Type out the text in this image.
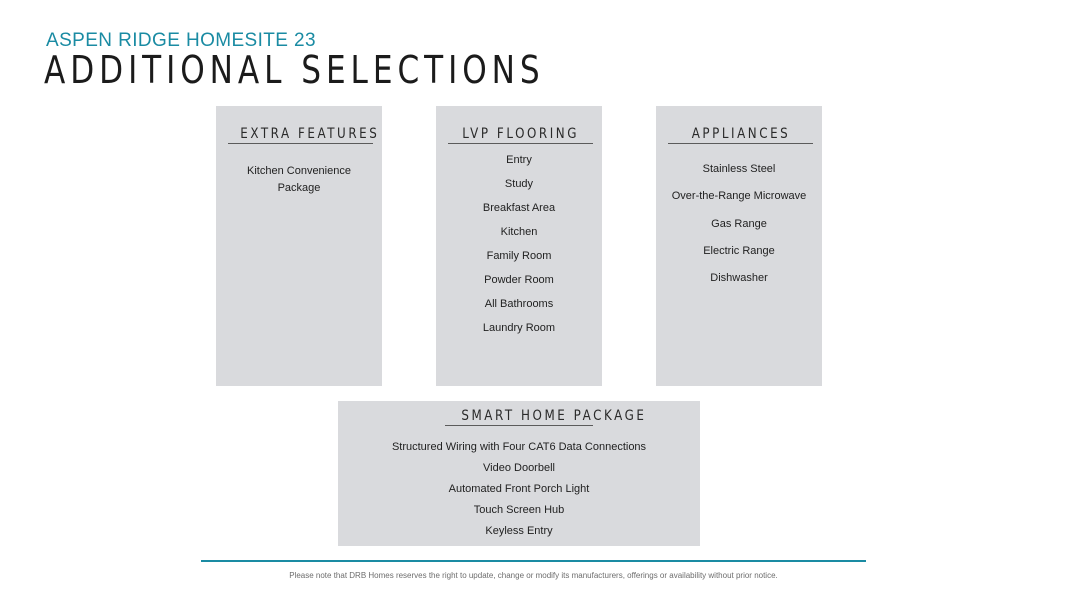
ASPEN RIDGE HOMESITE 23
ADDITIONAL SELECTIONS
EXTRA FEATURES
Kitchen Convenience Package
LVP FLOORING
Entry
Study
Breakfast Area
Kitchen
Family Room
Powder Room
All Bathrooms
Laundry Room
APPLIANCES
Stainless Steel
Over-the-Range Microwave
Gas Range
Electric Range
Dishwasher
SMART HOME PACKAGE
Structured Wiring with Four CAT6 Data Connections
Video Doorbell
Automated Front Porch Light
Touch Screen Hub
Keyless Entry

Please note that DRB Homes reserves the right to update, change or modify its manufacturers, offerings or availability without prior notice.
